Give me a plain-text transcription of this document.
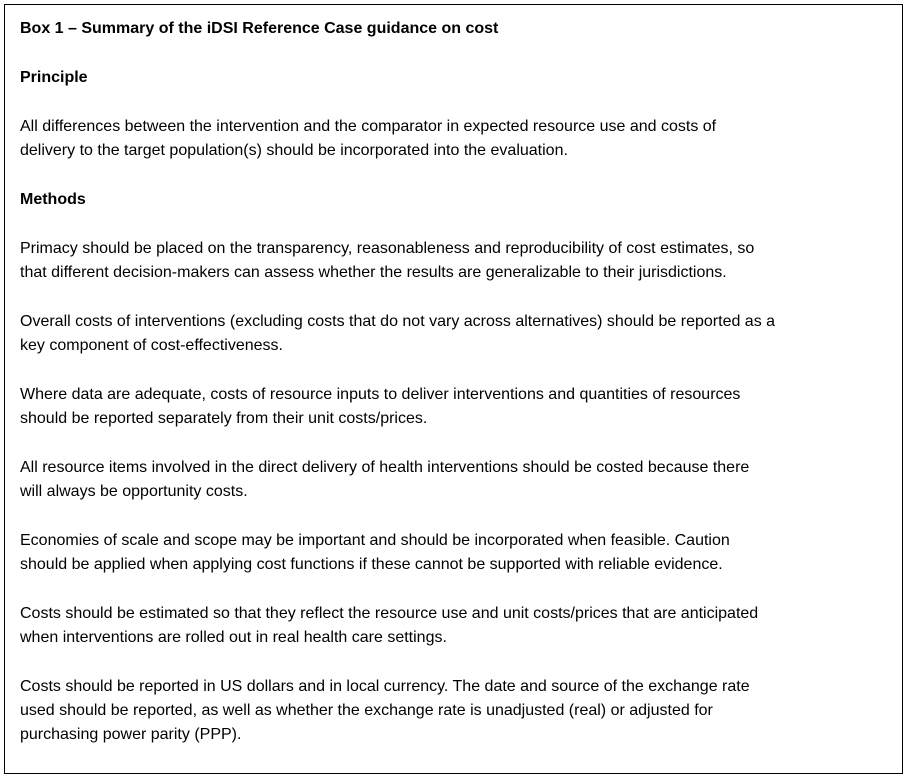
Box 1 – Summary of the iDSI Reference Case guidance on cost
Principle
All differences between the intervention and the comparator in expected resource use and costs of
delivery to the target population(s) should be incorporated into the evaluation.
Methods
Primacy should be placed on the transparency, reasonableness and reproducibility of cost estimates, so
that different decision-makers can assess whether the results are generalizable to their jurisdictions.
Overall costs of interventions (excluding costs that do not vary across alternatives) should be reported as a
key component of cost-effectiveness.
Where data are adequate, costs of resource inputs to deliver interventions and quantities of resources
should be reported separately from their unit costs/prices.
All resource items involved in the direct delivery of health interventions should be costed because there
will always be opportunity costs.
Economies of scale and scope may be important and should be incorporated when feasible. Caution
should be applied when applying cost functions if these cannot be supported with reliable evidence.
Costs should be estimated so that they reflect the resource use and unit costs/prices that are anticipated
when interventions are rolled out in real health care settings.
Costs should be reported in US dollars and in local currency. The date and source of the exchange rate
used should be reported, as well as whether the exchange rate is unadjusted (real) or adjusted for
purchasing power parity (PPP).
